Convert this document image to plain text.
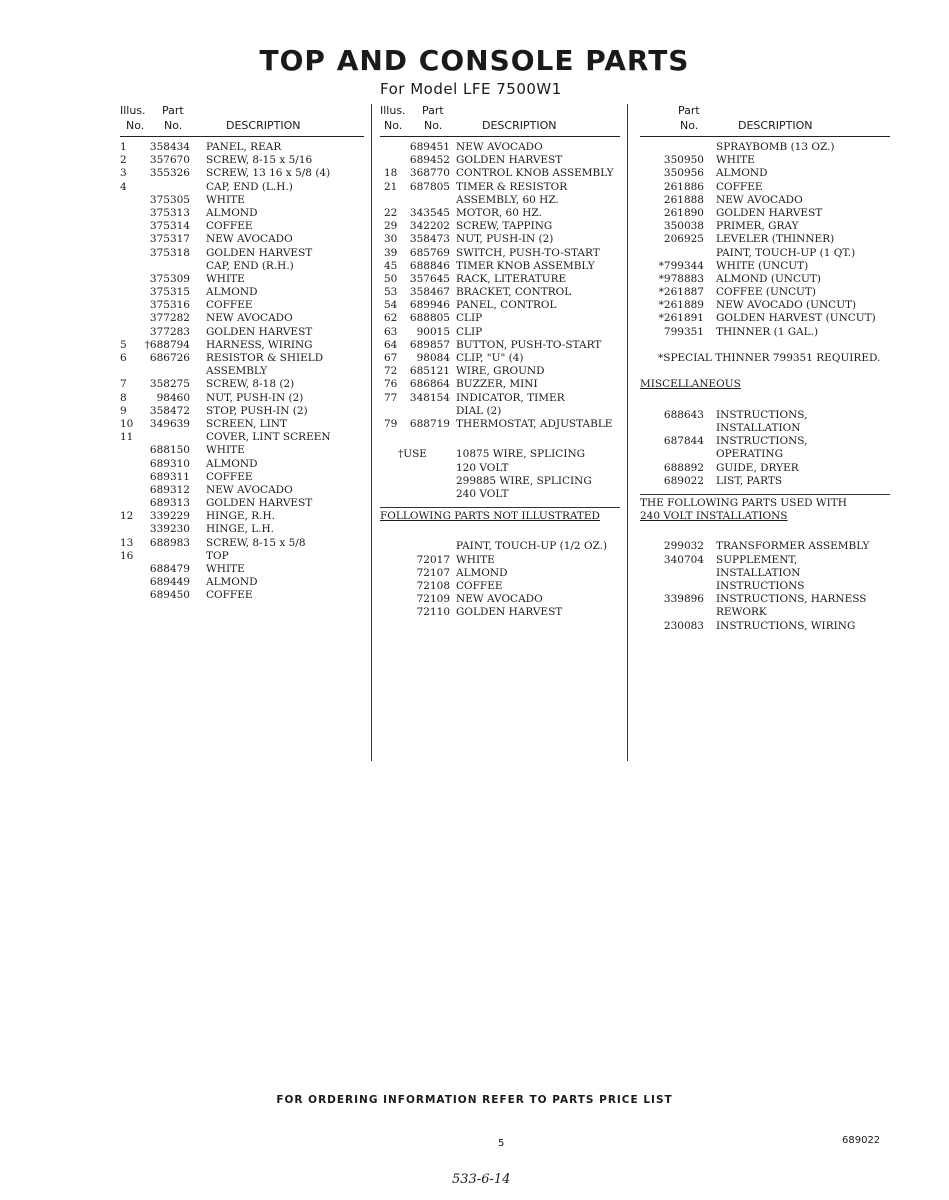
TOP AND CONSOLE PARTS
For Model LFE 7500W1
Illus.
No.
Part
No.	DESCRIPTION
1	358434 PANEL, REAR
2	357670 SCREW, 8-15 x 5/16
3	355326 SCREW, 13 16 x 5/8 (4)
4	CAP, END (L.H.)
375305 WHITE
375313 ALMOND
375314 COFFEE
375317 NEW AVOCADO
375318 GOLDEN HARVEST
CAP, END (R.H.)
375309 WHITE
375315 ALMOND
375316 COFFEE
377282 NEW AVOCADO
377283 GOLDEN HARVEST
5	†688794 HARNESS, WIRING
6	686726 RESISTOR & SHIELD
ASSEMBLY
7	358275 SCREW, 8-18 (2)
8	98460 NUT, PUSH-IN (2)
9	358472 STOP, PUSH-IN (2)
10	349639 SCREEN, LINT
11	COVER, LINT SCREEN
688150 WHITE
689310 ALMOND
689311 COFFEE
689312 NEW AVOCADO
689313 GOLDEN HARVEST
12	339229 HINGE, R.H.
339230 HINGE, L.H.
13	688983 SCREW, 8-15 x 5/8
16	TOP
688479 WHITE
689449 ALMOND
689450 COFFEE
Illus.
No.
Part
No.	DESCRIPTION
689451 NEW AVOCADO
689452 GOLDEN HARVEST
18	368770 CONTROL KNOB ASSEMBLY
21	687805 TIMER & RESISTOR
ASSEMBLY, 60 HZ.
22	343545 MOTOR, 60 HZ.
29	342202 SCREW, TAPPING
30	358473 NUT, PUSH-IN (2)
39	685769 SWITCH, PUSH-TO-START
45	688846 TIMER KNOB ASSEMBLY
50	357645 RACK, LITERATURE
53	358467 BRACKET, CONTROL
54	689946 PANEL, CONTROL
62	688805 CLIP
63	90015 CLIP
64	689857 BUTTON, PUSH-TO-START
67	98084 CLIP, "U" (4)
72	685121 WIRE, GROUND
76	686864 BUZZER, MINI
77	348154 INDICATOR, TIMER
DIAL (2)
79	688719 THERMOSTAT, ADJUSTABLE
†USE	10875 WIRE, SPLICING
120 VOLT
299885 WIRE, SPLICING
240 VOLT
FOLLOWING PARTS NOT ILLUSTRATED
PAINT, TOUCH-UP (1/2 OZ.)
72017 WHITE
72107 ALMOND
72108 COFFEE
72109 NEW AVOCADO
72110 GOLDEN HARVEST
Part
No.	DESCRIPTION
SPRAYBOMB (13 OZ.)
350950 WHITE
350956 ALMOND
261886 COFFEE
261888 NEW AVOCADO
261890 GOLDEN HARVEST
350038 PRIMER, GRAY
206925 LEVELER (THINNER)
PAINT, TOUCH-UP (1 QT.)
*799344 WHITE (UNCUT)
*978883 ALMOND (UNCUT)
*261887 COFFEE (UNCUT)
*261889 NEW AVOCADO (UNCUT)
*261891 GOLDEN HARVEST (UNCUT)
799351 THINNER (1 GAL.)
*SPECIAL THINNER 799351 REQUIRED.
MISCELLANEOUS
688643 INSTRUCTIONS,
INSTALLATION
687844 INSTRUCTIONS,
OPERATING
688892 GUIDE, DRYER
689022 LIST, PARTS
THE FOLLOWING PARTS USED WITH
240 VOLT INSTALLATIONS
299032 TRANSFORMER ASSEMBLY
340704 SUPPLEMENT,
INSTALLATION
INSTRUCTIONS
339896 INSTRUCTIONS, HARNESS
REWORK
230083 INSTRUCTIONS, WIRING
FOR ORDERING INFORMATION REFER TO PARTS PRICE LIST
5	689022
533-6-14
